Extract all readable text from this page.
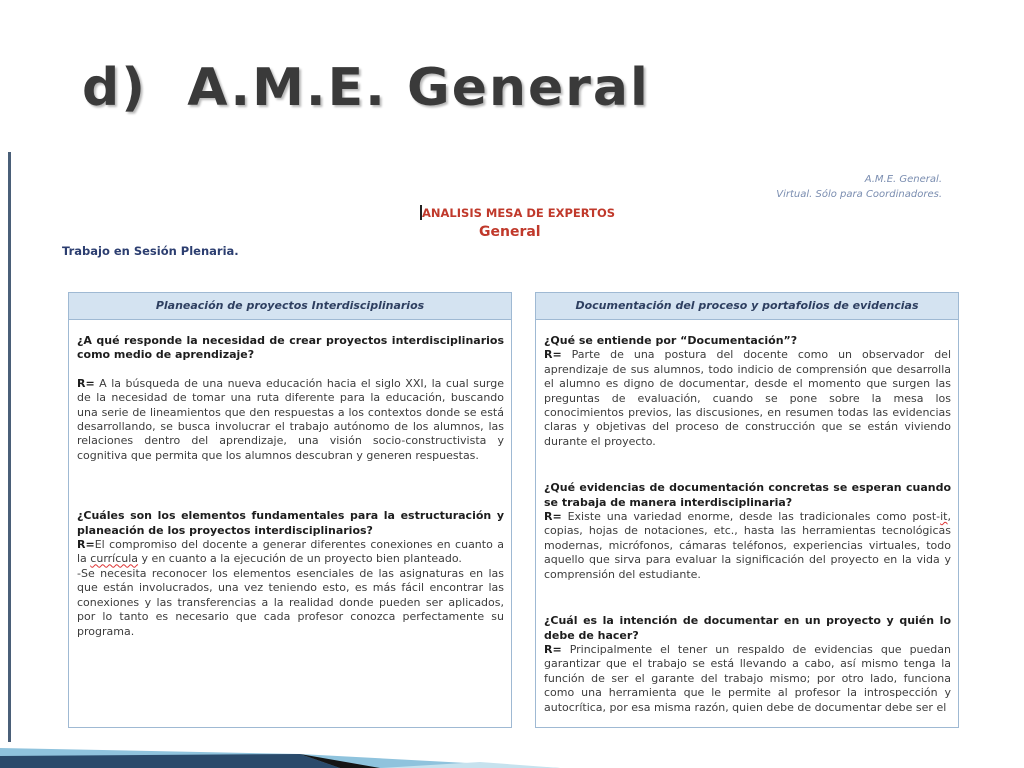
d)  A.M.E. General
A.M.E. General.
Virtual. Sólo para Coordinadores.
ANALISIS MESA DE EXPERTOS
General
Trabajo en Sesión Plenaria.
Planeación de proyectos Interdisciplinarios

¿A qué responde la necesidad de crear proyectos interdisciplinarios como medio de aprendizaje?

R= A la búsqueda de una nueva educación hacia el siglo XXI, la cual surge de la necesidad de tomar una ruta diferente para la educación, buscando una serie de lineamientos que den respuestas a los contextos donde se está desarrollando, se busca involucrar el trabajo autónomo de los alumnos, las relaciones dentro del aprendizaje, una visión socio-constructivista y cognitiva que permita que los alumnos descubran y generen respuestas.

¿Cuáles son los elementos fundamentales para la estructuración y planeación de los proyectos interdisciplinarios?

R=El compromiso del docente a generar diferentes conexiones en cuanto a la currícula y en cuanto a la ejecución de un proyecto bien planteado.

-Se necesita reconocer los elementos esenciales de las asignaturas en las que están involucrados, una vez teniendo esto, es más fácil encontrar las conexiones y las transferencias a la realidad donde pueden ser aplicados, por lo tanto es necesario que cada profesor conozca perfectamente su programa.

Documentación del proceso y portafolios de evidencias

¿Qué se entiende por “Documentación”?

R= Parte de una postura del docente como un observador del aprendizaje de sus alumnos, todo indicio de comprensión que desarrolla el alumno es digno de documentar, desde el momento que surgen las preguntas de evaluación, cuando se pone sobre la mesa los conocimientos previos, las discusiones, en resumen todas las evidencias claras y objetivas del proceso de construcción que se están viviendo durante el proyecto.

¿Qué evidencias de documentación concretas se esperan cuando se trabaja de manera interdisciplinaria?

R= Existe una variedad enorme, desde las tradicionales como post-it, copias, hojas de notaciones, etc., hasta las herramientas tecnológicas modernas, micrófonos, cámaras teléfonos, experiencias virtuales, todo aquello que sirva para evaluar la significación del proyecto en la vida y comprensión del estudiante.

¿Cuál es la intención de documentar en un proyecto y quién lo debe de hacer?

R= Principalmente el tener un respaldo de evidencias que puedan garantizar que el trabajo se está llevando a cabo, así mismo tenga la función de ser el garante del trabajo mismo; por otro lado, funciona como una herramienta que le permite al profesor la introspección y autocrítica, por esa misma razón, quien debe de documentar debe ser el
